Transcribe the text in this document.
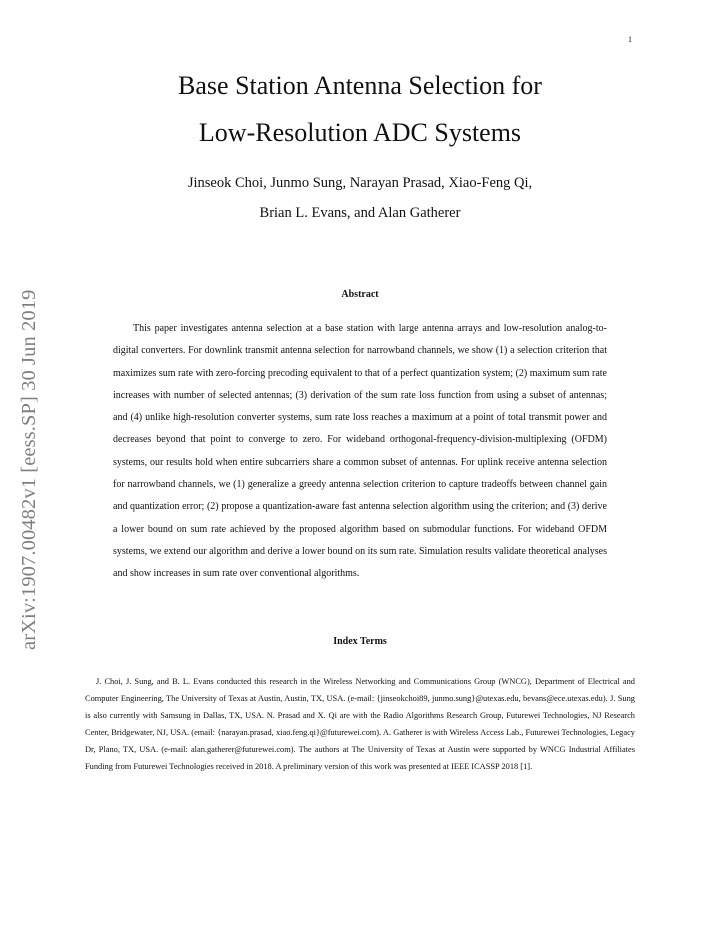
1
arXiv:1907.00482v1 [eess.SP] 30 Jun 2019
Base Station Antenna Selection for
Low-Resolution ADC Systems
Jinseok Choi, Junmo Sung, Narayan Prasad, Xiao-Feng Qi,
Brian L. Evans, and Alan Gatherer
Abstract

This paper investigates antenna selection at a base station with large antenna arrays and low-resolution analog-to-digital converters. For downlink transmit antenna selection for narrowband channels, we show (1) a selection criterion that maximizes sum rate with zero-forcing precoding equivalent to that of a perfect quantization system; (2) maximum sum rate increases with number of selected antennas; (3) derivation of the sum rate loss function from using a subset of antennas; and (4) unlike high-resolution converter systems, sum rate loss reaches a maximum at a point of total transmit power and decreases beyond that point to converge to zero. For wideband orthogonal-frequency-division-multiplexing (OFDM) systems, our results hold when entire subcarriers share a common subset of antennas. For uplink receive antenna selection for narrowband channels, we (1) generalize a greedy antenna selection criterion to capture tradeoffs between channel gain and quantization error; (2) propose a quantization-aware fast antenna selection algorithm using the criterion; and (3) derive a lower bound on sum rate achieved by the proposed algorithm based on submodular functions. For wideband OFDM systems, we extend our algorithm and derive a lower bound on its sum rate. Simulation results validate theoretical analyses and show increases in sum rate over conventional algorithms.

Index Terms

J. Choi, J. Sung, and B. L. Evans conducted this research in the Wireless Networking and Communications Group (WNCG), Department of Electrical and Computer Engineering, The University of Texas at Austin, Austin, TX, USA. (e-mail: {jinseokchoi89, junmo.sung}@utexas.edu, bevans@ece.utexas.edu). J. Sung is also currently with Samsung in Dallas, TX, USA. N. Prasad and X. Qi are with the Radio Algorithms Research Group, Futurewei Technologies, NJ Research Center, Bridgewater, NJ, USA. (email: {narayan.prasad, xiao.feng.qi}@futurewei.com). A. Gatherer is with Wireless Access Lab., Futurewei Technologies, Legacy Dr, Plano, TX, USA. (e-mail: alan.gatherer@futurewei.com). The authors at The University of Texas at Austin were supported by WNCG Industrial Affiliates Funding from Futurewei Technologies received in 2018. A preliminary version of this work was presented at IEEE ICASSP 2018 [1].
